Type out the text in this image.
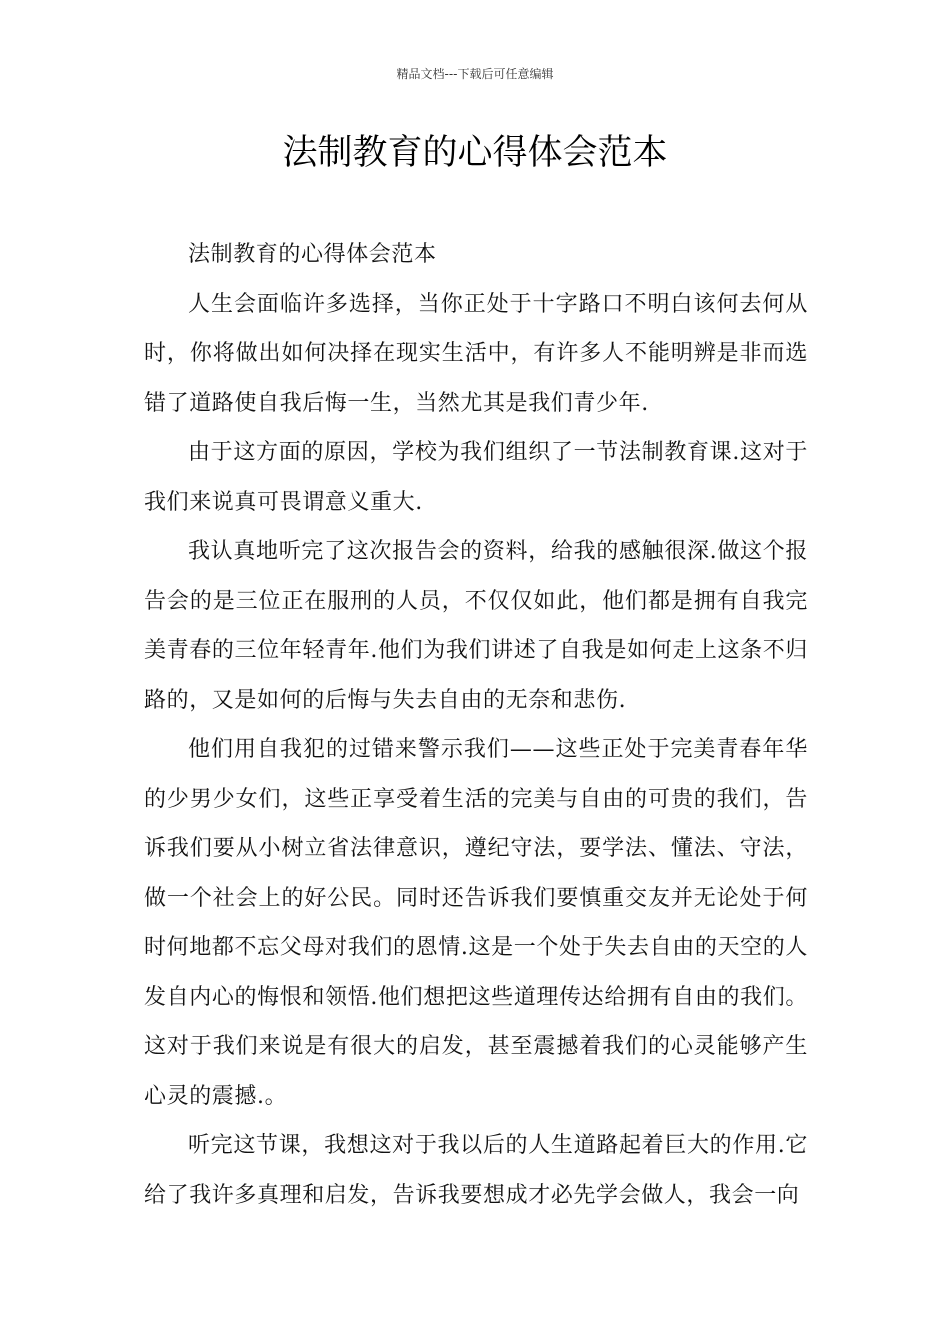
精品文档---下载后可任意编辑
法制教育的心得体会范本

法制教育的心得体会范本

人生会面临许多选择，当你正处于十字路口不明白该何去何从时，你将做出如何决择在现实生活中，有许多人不能明辨是非而选错了道路使自我后悔一生，当然尤其是我们青少年.

由于这方面的原因，学校为我们组织了一节法制教育课.这对于我们来说真可畏谓意义重大.

我认真地听完了这次报告会的资料，给我的感触很深.做这个报告会的是三位正在服刑的人员，不仅仅如此，他们都是拥有自我完美青春的三位年轻青年.他们为我们讲述了自我是如何走上这条不归路的，又是如何的后悔与失去自由的无奈和悲伤.

他们用自我犯的过错来警示我们——这些正处于完美青春年华的少男少女们，这些正享受着生活的完美与自由的可贵的我们，告诉我们要从小树立省法律意识，遵纪守法，要学法、懂法、守法，做一个社会上的好公民。同时还告诉我们要慎重交友并无论处于何时何地都不忘父母对我们的恩情.这是一个处于失去自由的天空的人发自内心的悔恨和领悟.他们想把这些道理传达给拥有自由的我们。这对于我们来说是有很大的启发，甚至震撼着我们的心灵能够产生心灵的震撼.。

听完这节课，我想这对于我以后的人生道路起着巨大的作用.它给了我许多真理和启发，告诉我要想成才必先学会做人，我会一向
